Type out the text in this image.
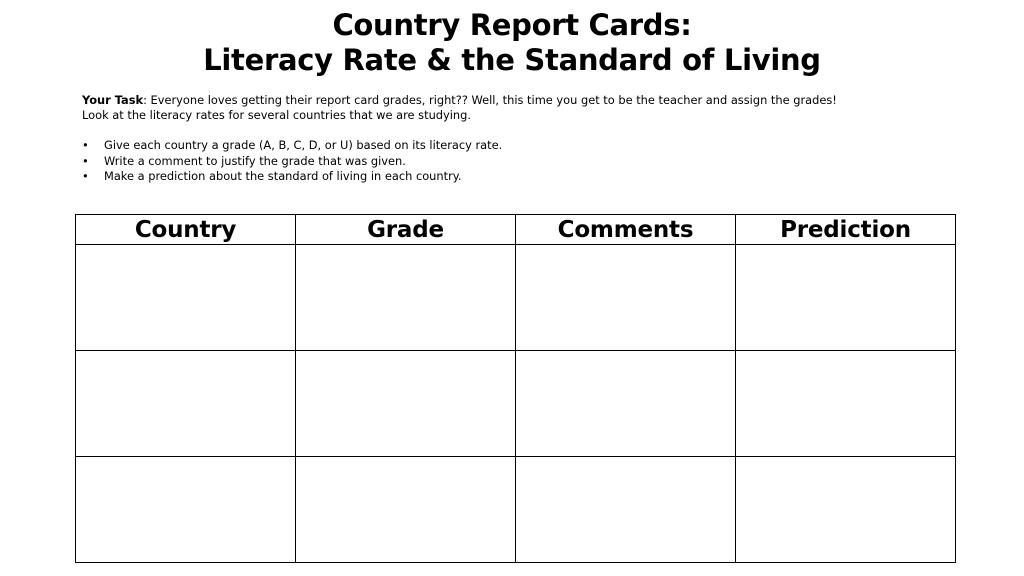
Country Report Cards:
Literacy Rate & the Standard of Living
Your Task: Everyone loves getting their report card grades, right?? Well, this time you get to be the teacher and assign the grades!
Look at the literacy rates for several countries that we are studying.
• Give each country a grade (A, B, C, D, or U) based on its literacy rate.
• Write a comment to justify the grade that was given.
• Make a prediction about the standard of living in each country.
Country	Grade	Comments	Prediction
